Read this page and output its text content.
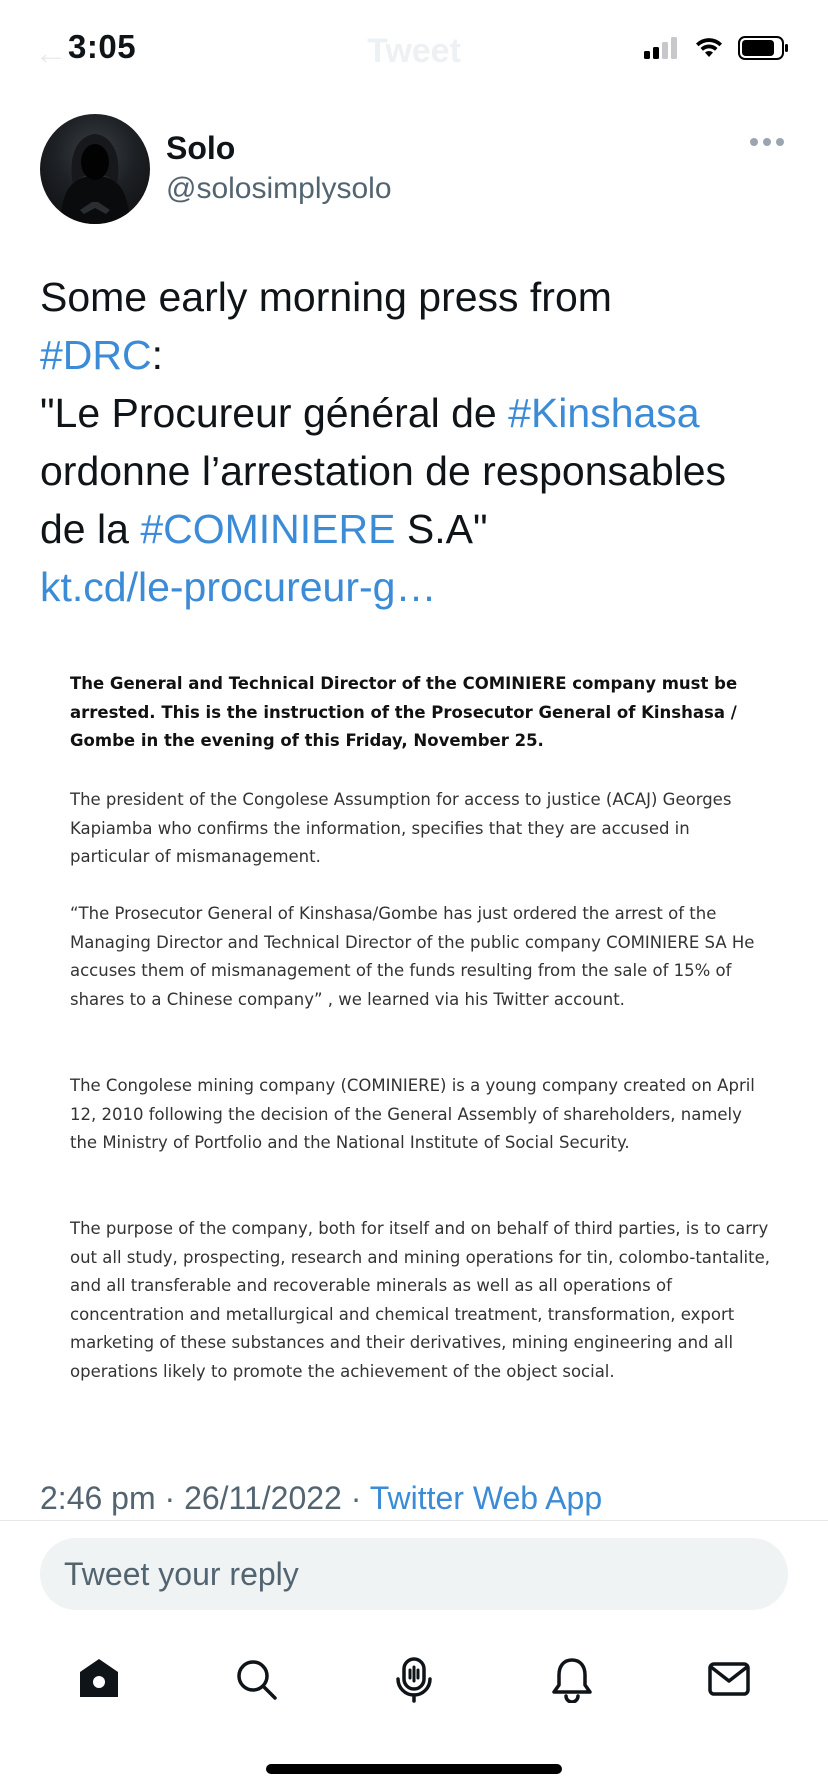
←	Tweet
3:05
Solo
@solosimplysolo
Some early morning press from
#DRC:
"Le Procureur général de #Kinshasa
ordonne l’arrestation de responsables
de la #COMINIERE S.A"
kt.cd/le-procureur-g…

The General and Technical Director of the COMINIERE company must be arrested. This is the instruction of the Prosecutor General of Kinshasa / Gombe in the evening of this Friday, November 25.

The president of the Congolese Assumption for access to justice (ACAJ) Georges Kapiamba who confirms the information, specifies that they are accused in particular of mismanagement.

“The Prosecutor General of Kinshasa/Gombe has just ordered the arrest of the Managing Director and Technical Director of the public company COMINIERE SA He accuses them of mismanagement of the funds resulting from the sale of 15% of shares to a Chinese company” , we learned via his Twitter account.

The Congolese mining company (COMINIERE) is a young company created on April 12, 2010 following the decision of the General Assembly of shareholders, namely the Ministry of Portfolio and the National Institute of Social Security.

The purpose of the company, both for itself and on behalf of third parties, is to carry out all study, prospecting, research and mining operations for tin, colombo-tantalite, and all transferable and recoverable minerals as well as all operations of concentration and metallurgical and chemical treatment, transformation, export marketing of these substances and their derivatives, mining engineering and all operations likely to promote the achievement of the object social.

2:46 pm · 26/11/2022 · Twitter Web App
Tweet your reply
